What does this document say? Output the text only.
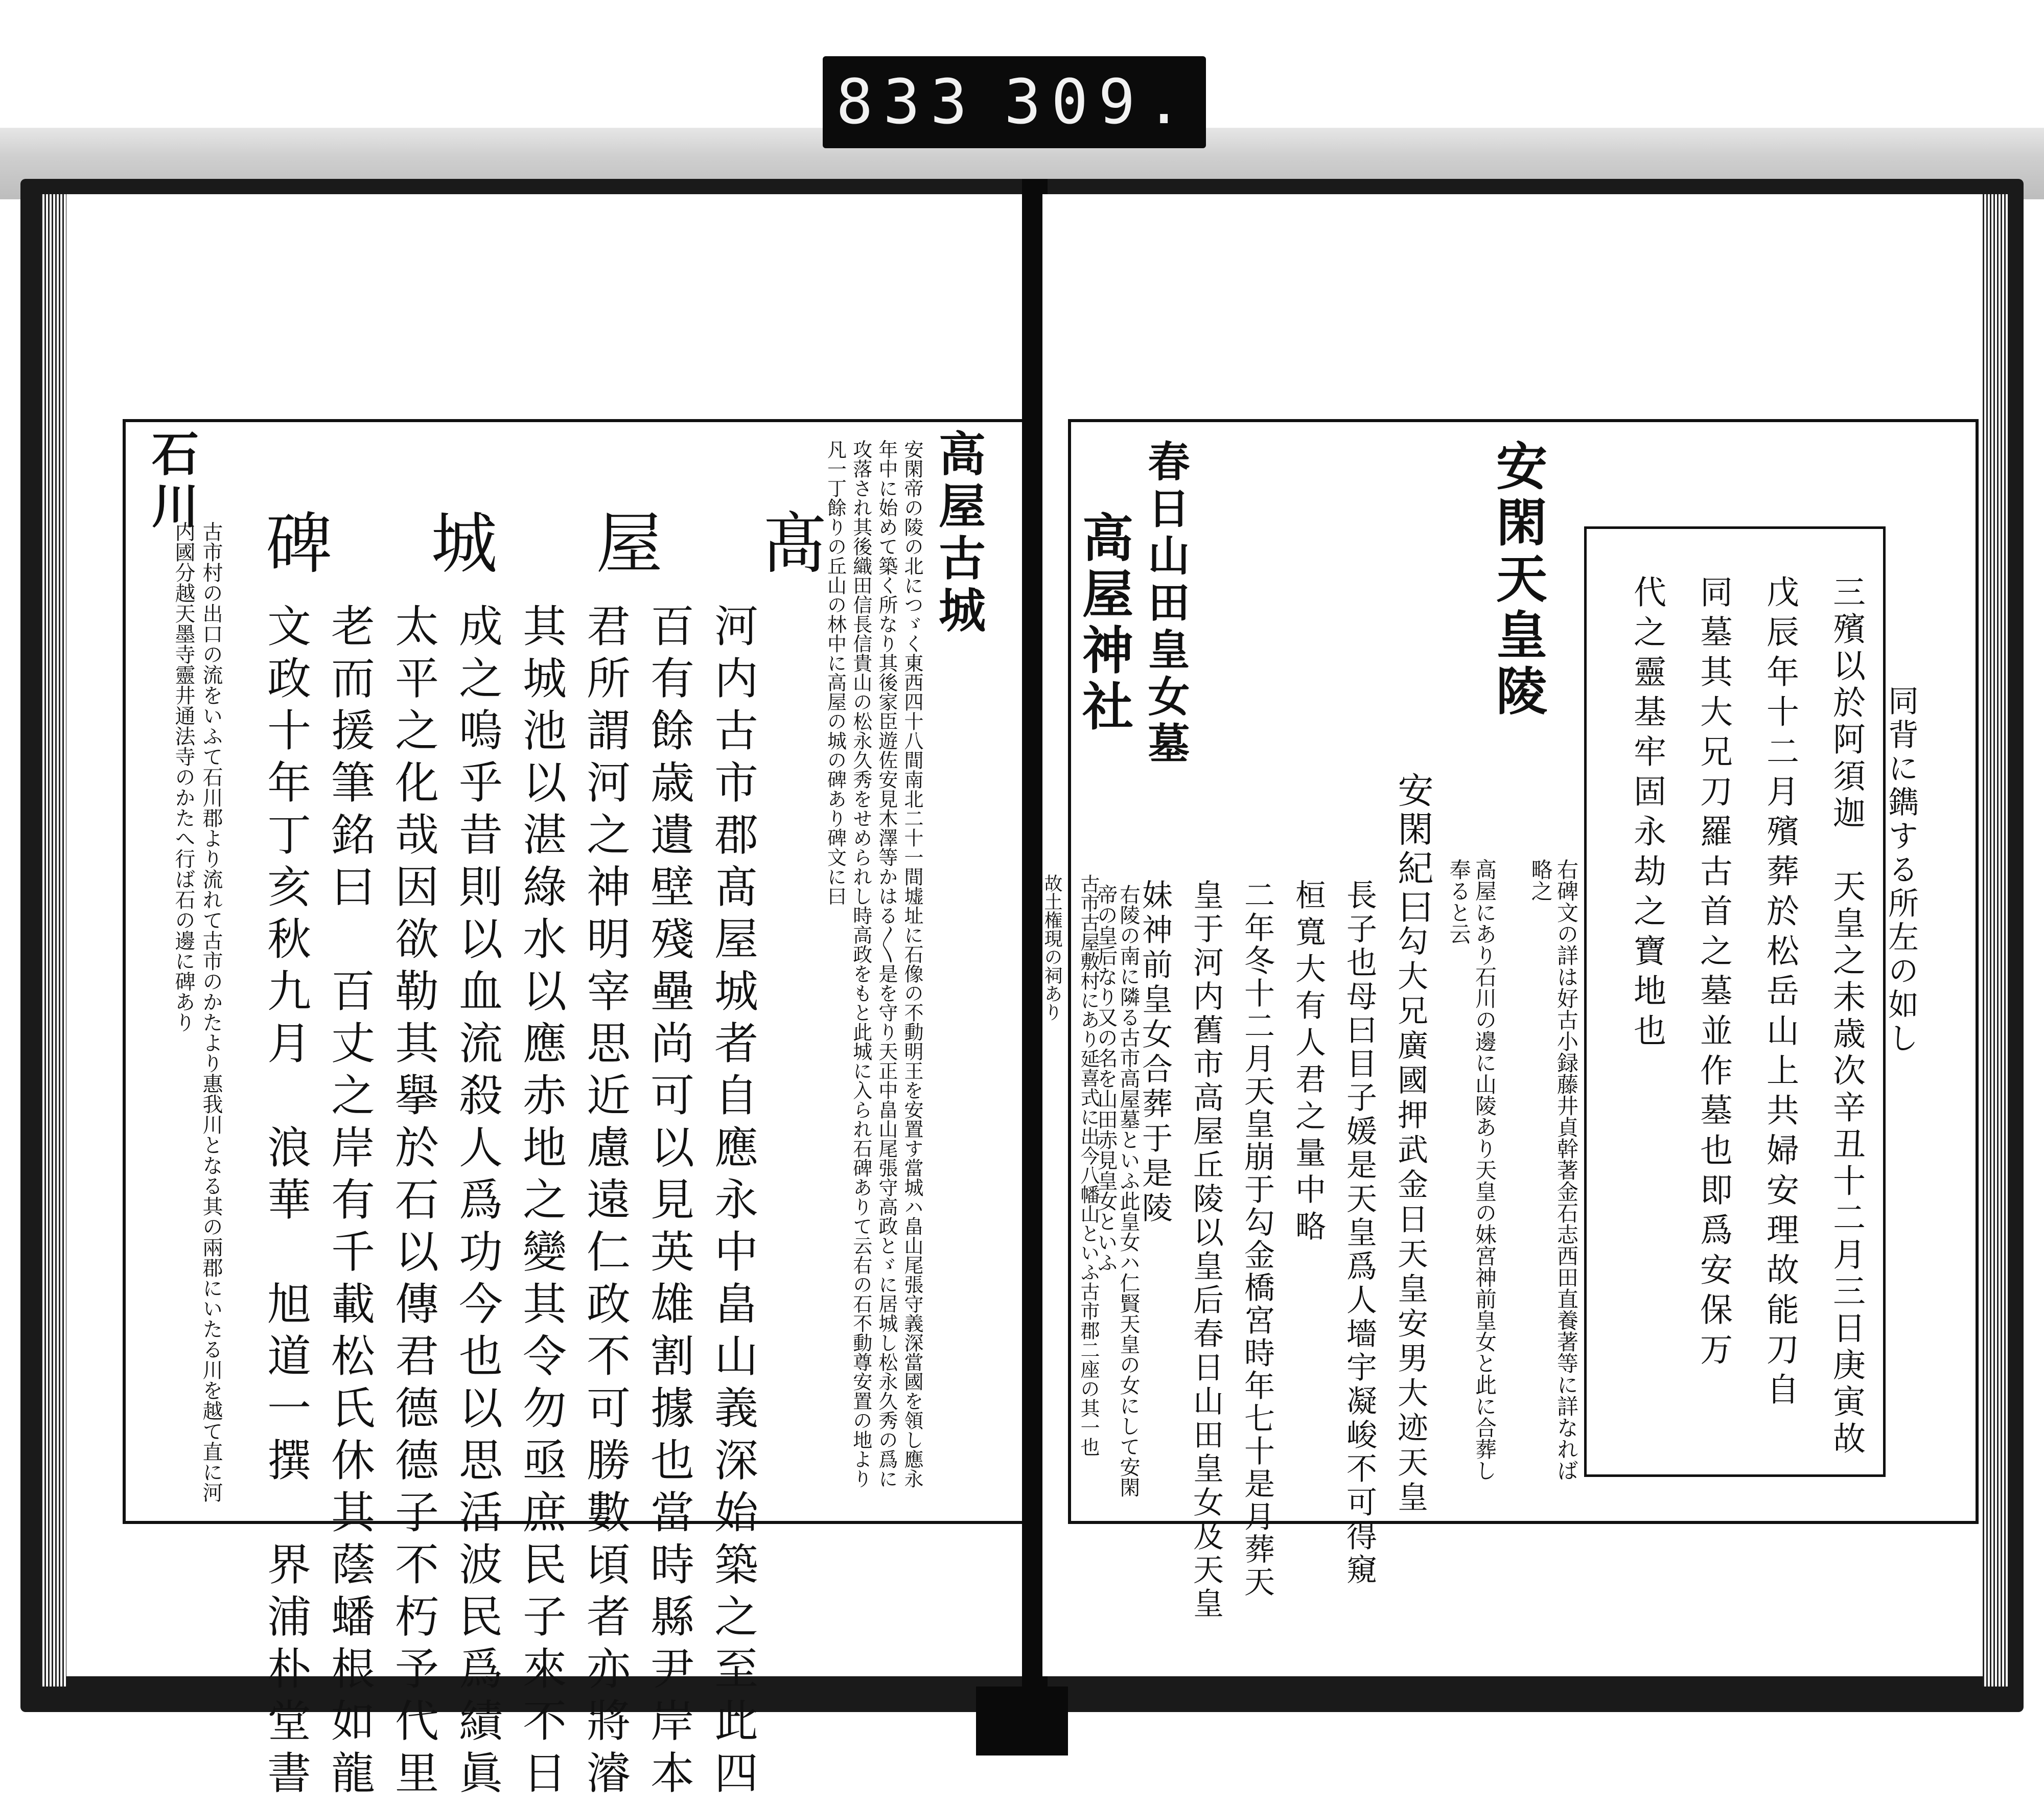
833 309.
髙
屋
城
碑	高屋古城
安閑帝の陵の北につゞく東西四十八間南北二十一間墟址に石像の不動明王を安置す當城ハ畠山尾張守義深當國を領し應永年中に始めて築く所なり其後家臣遊佐安見木澤等かはる〳〵是を守り天正中畠山尾張守高政とゞに居城し松永久秀の爲に攻落され其後織田信長信貴山の松永久秀をせめられし時高政をもと此城に入られ石碑ありて云右の石不動尊安置の地より凡一丁餘りの丘山の林中に高屋の城の碑あり碑文に曰
河内古市郡髙屋城者自應永中畠山義深始築之至此四
百有餘歳遺壁殘壘尚可以見英雄割據也當時縣尹岸本
君所謂河之神明宰思近慮遠仁政不可勝數頃者亦將濬
其城池以湛綠水以應赤地之變其令勿亟庶民子來不日
成之嗚乎昔則以血流殺人爲功今也以思活波民爲績眞
太平之化哉因欲勒其擧於石以傳君德德子不朽予代里
老而援筆銘曰　百丈之岸有千載松氏休其蔭蟠根如龍
文政十年丁亥秋九月　浪華　旭道一撰　界浦朴堂書
石川
古市村の出口の流をいふて石川郡より流れて古市のかたより惠我川となる其の兩郡にいたる川を越て直に河内國分越天墨寺靈井通法寺のかたへ行ば石の邊に碑あり	同背に鐫する所左の如し
三殯以於阿須迦　天皇之未歳次辛丑十二月三日庚寅故
戊辰年十二月殯葬於松岳山上共婦安理故能刀自
同墓其大兄刀羅古首之墓並作墓也即爲安保万
代之靈基牢固永劫之寶地也
右碑文の詳は好古小録藤井貞幹著金石志西田直養著等に詳なれば略之
安閑天皇陵
高屋にあり石川の邊に山陵あり天皇の妹宮神前皇女と此に合葬し奉ると云
安閑紀曰
勾大兄廣國押武金日天皇安男大迹天皇
長子也母曰目子媛是天皇爲人墻宇凝峻不可得窺
桓寬大有人君之量中略
二年冬十二月天皇崩于勾金橋宮時年七十是月葬天
皇于河内舊市高屋丘陵以皇后春日山田皇女及天皇
妹神前皇女合葬于是陵
春日山田皇女墓
右陵の南に隣る古市高屋墓といふ此皇女ハ仁賢天皇の女にして安閑帝の皇后なり又の名を山田赤見皇女といふ
高屋神社
古市古屋敷村にあり延喜式に出今八幡山といふ古市郡二座の其一也
故土権現の祠あり
